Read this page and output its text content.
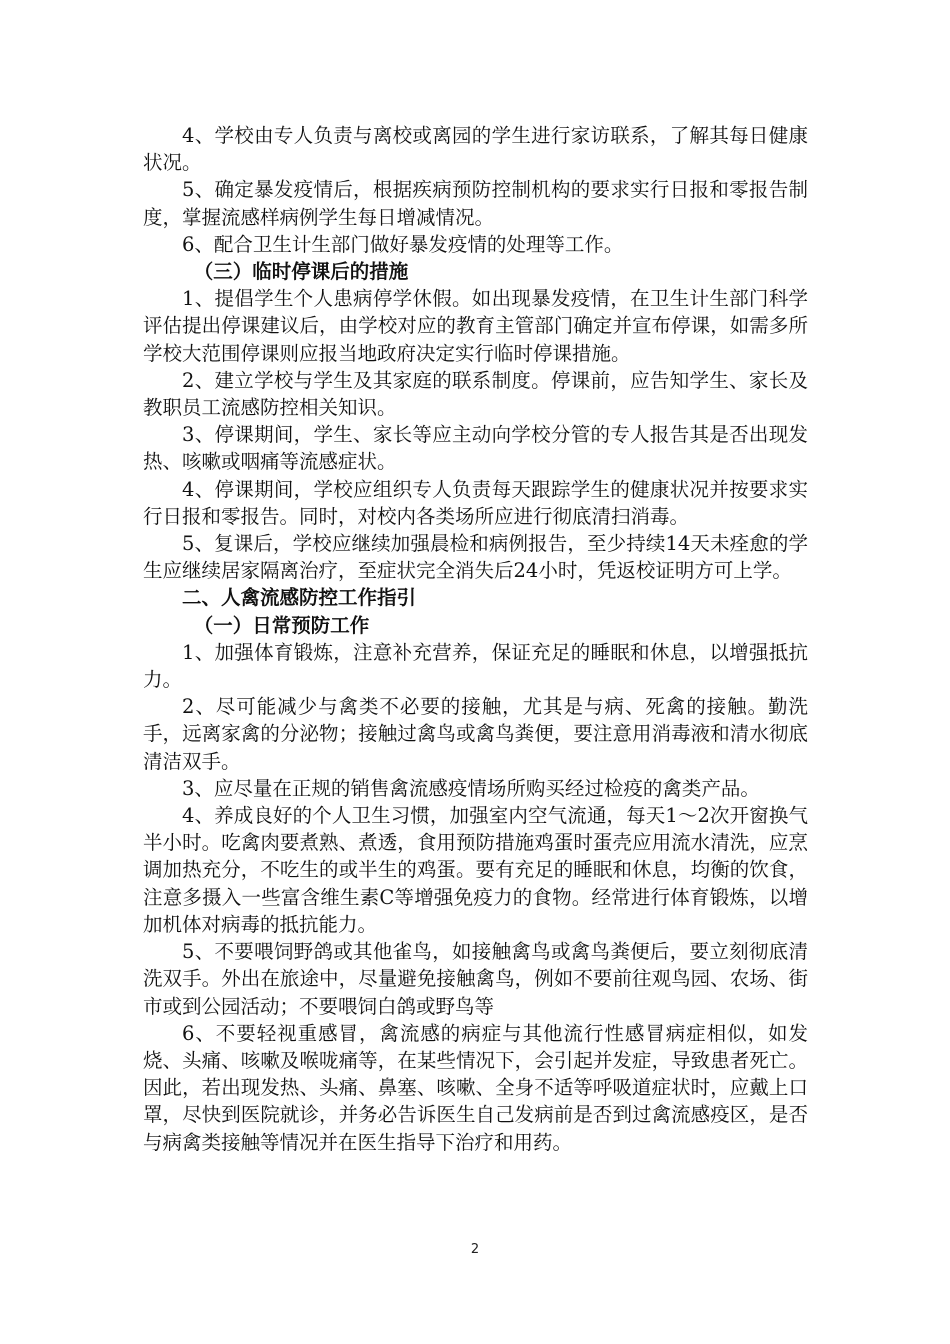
4、学校由专人负责与离校或离园的学生进行家访联系，了解其每日健康状况。

5、确定暴发疫情后，根据疾病预防控制机构的要求实行日报和零报告制度，掌握流感样病例学生每日增减情况。

6、配合卫生计生部门做好暴发疫情的处理等工作。

（三）临时停课后的措施

1、提倡学生个人患病停学休假。如出现暴发疫情，在卫生计生部门科学评估提出停课建议后，由学校对应的教育主管部门确定并宣布停课，如需多所学校大范围停课则应报当地政府决定实行临时停课措施。

2、建立学校与学生及其家庭的联系制度。停课前，应告知学生、家长及教职员工流感防控相关知识。

3、停课期间，学生、家长等应主动向学校分管的专人报告其是否出现发热、咳嗽或咽痛等流感症状。

4、停课期间，学校应组织专人负责每天跟踪学生的健康状况并按要求实行日报和零报告。同时，对校内各类场所应进行彻底清扫消毒。

5、复课后，学校应继续加强晨检和病例报告，至少持续14天未痊愈的学生应继续居家隔离治疗，至症状完全消失后24小时，凭返校证明方可上学。

二、人禽流感防控工作指引

（一）日常预防工作

1、加强体育锻炼，注意补充营养，保证充足的睡眠和休息，以增强抵抗力。

2、尽可能减少与禽类不必要的接触，尤其是与病、死禽的接触。勤洗手，远离家禽的分泌物；接触过禽鸟或禽鸟粪便，要注意用消毒液和清水彻底清洁双手。

3、应尽量在正规的销售禽流感疫情场所购买经过检疫的禽类产品。

4、养成良好的个人卫生习惯，加强室内空气流通，每天1～2次开窗换气半小时。吃禽肉要煮熟、煮透，食用预防措施鸡蛋时蛋壳应用流水清洗，应烹调加热充分，不吃生的或半生的鸡蛋。要有充足的睡眠和休息，均衡的饮食，注意多摄入一些富含维生素C等增强免疫力的食物。经常进行体育锻炼，以增加机体对病毒的抵抗能力。

5、不要喂饲野鸽或其他雀鸟，如接触禽鸟或禽鸟粪便后，要立刻彻底清洗双手。外出在旅途中，尽量避免接触禽鸟，例如不要前往观鸟园、农场、街市或到公园活动；不要喂饲白鸽或野鸟等

6、不要轻视重感冒，禽流感的病症与其他流行性感冒病症相似，如发烧、头痛、咳嗽及喉咙痛等，在某些情况下，会引起并发症，导致患者死亡。因此，若出现发热、头痛、鼻塞、咳嗽、全身不适等呼吸道症状时，应戴上口罩，尽快到医院就诊，并务必告诉医生自己发病前是否到过禽流感疫区，是否与病禽类接触等情况并在医生指导下治疗和用药。

2
